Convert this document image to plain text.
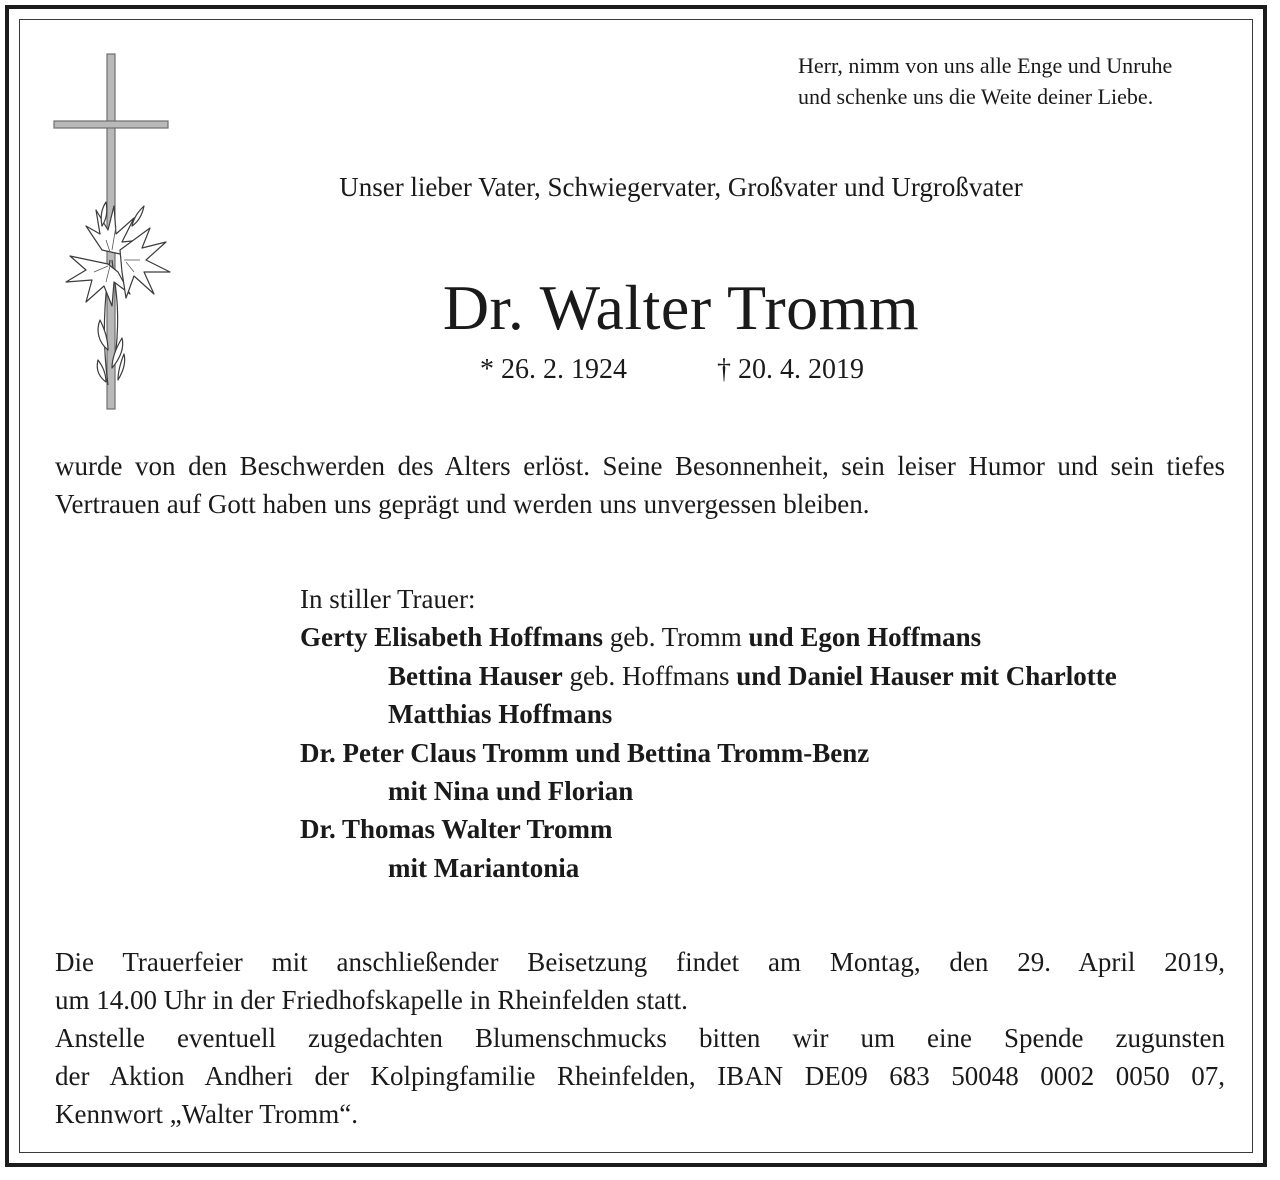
Herr, nimm von uns alle Enge und Unruhe
und schenke uns die Weite deiner Liebe.
Unser lieber Vater, Schwiegervater, Großvater und Urgroßvater
Dr. Walter Tromm
* 26. 2. 1924	† 20. 4. 2019
wurde von den Beschwerden des Alters erlöst. Seine Besonnenheit, sein leiser Humor und sein tiefes Vertrauen auf Gott haben uns geprägt und werden uns unvergessen bleiben.
In stiller Trauer:
Gerty Elisabeth Hoffmans geb. Tromm und Egon Hoffmans
Bettina Hauser geb. Hoffmans und Daniel Hauser mit Charlotte
Matthias Hoffmans
Dr. Peter Claus Tromm und Bettina Tromm-Benz
mit Nina und Florian
Dr. Thomas Walter Tromm
mit Mariantonia

Die Trauerfeier mit anschließender Beisetzung findet am Montag, den 29. April 2019,

um 14.00 Uhr in der Friedhofskapelle in Rheinfelden statt.

Anstelle eventuell zugedachten Blumenschmucks bitten wir um eine Spende zugunsten

der Aktion Andheri der Kolpingfamilie Rheinfelden, IBAN DE09 683 50048 0002 0050 07,

Kennwort „Walter Tromm“.
